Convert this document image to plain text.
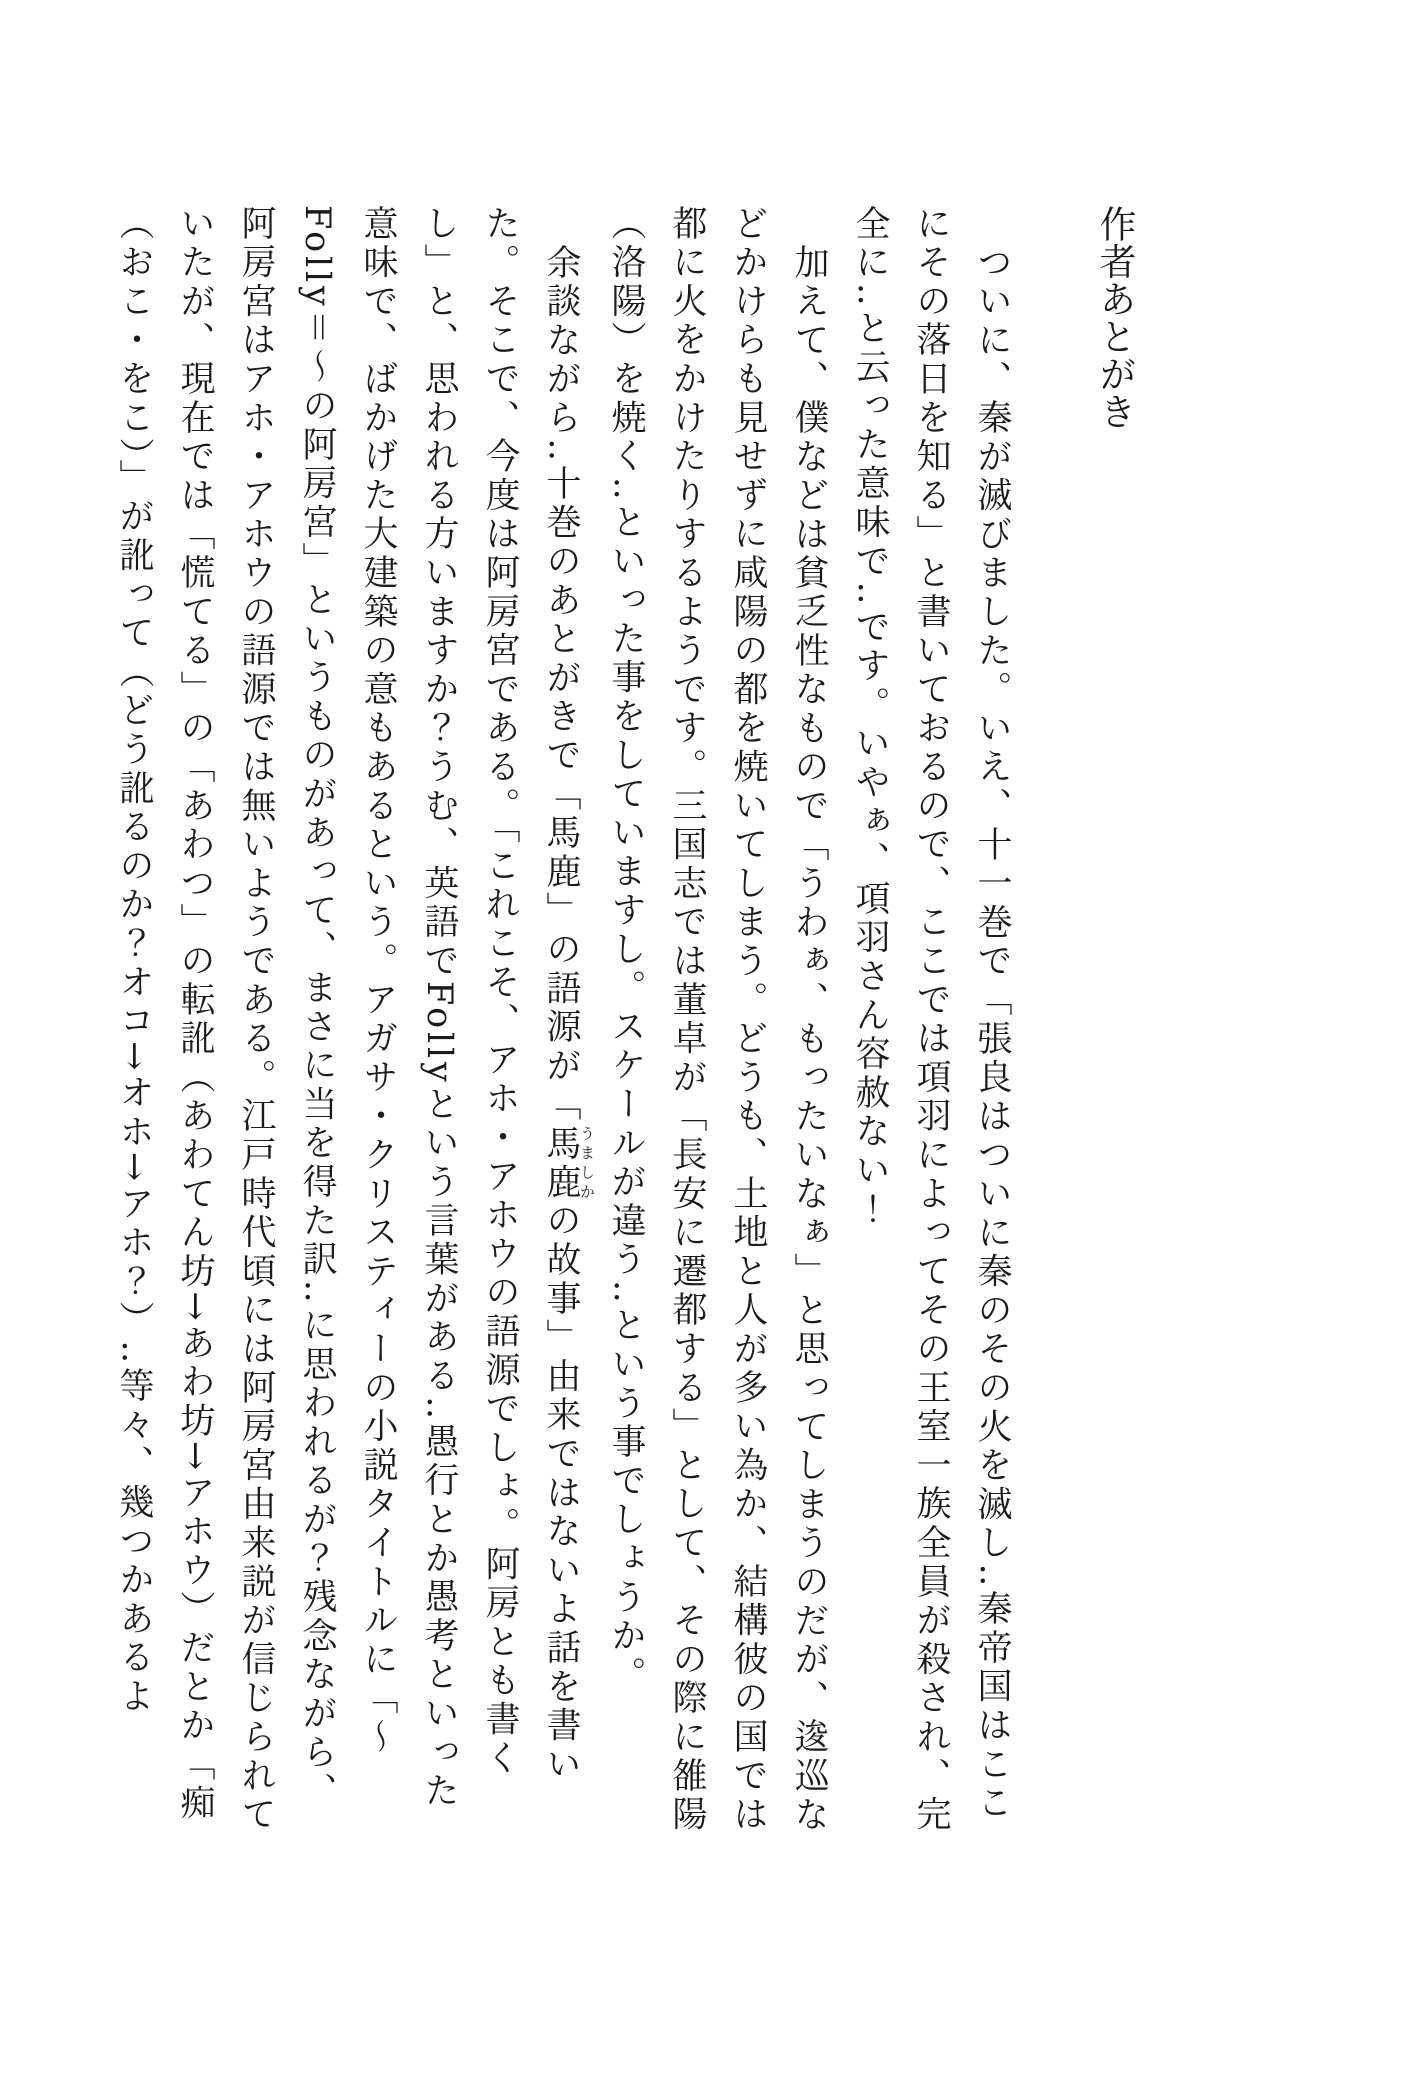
作者あとがき

ついに、秦が滅びました。いえ、十一巻で「張良はついに秦のその火を滅し‥秦帝国はここにその落日を知る」と書いておるので、ここでは項羽によってその王室一族全員が殺され、完全に‥と云った意味で‥です。いやぁ、項羽さん容赦ない！

加えて、僕などは貧乏性なもので「うわぁ、もったいなぁ」と思ってしまうのだが、逡巡などかけらも見せずに咸陽の都を焼いてしまう。どうも、土地と人が多い為か、結構彼の国では都に火をかけたりするようです。三国志では董卓が「長安に遷都する」として、その際に雒陽（洛陽）を焼く‥といった事をしていますし。スケールが違う‥という事でしょうか。

余談ながら‥十巻のあとがきで「馬鹿」の語源が「馬鹿うましかの故事」由来ではないよ話を書いた。そこで、今度は阿房宮である。「これこそ、アホ・アホウの語源でしょ。阿房とも書くし」と、思われる方いますか？うむ、英語でFollyという言葉がある‥愚行とか愚考といった意味で、ばかげた大建築の意もあるという。アガサ・クリスティーの小説タイトルに「〜Folly＝〜の阿房宮」というものがあって、まさに当を得た訳‥に思われるが？残念ながら、阿房宮はアホ・アホウの語源では無いようである。江戸時代頃には阿房宮由来説が信じられていたが、現在では「慌てる」の「あわつ」の転訛（あわてん坊→あわ坊→アホウ）だとか「痴（おこ・をこ）」が訛って（どう訛るのか？オコ→オホ→アホ？）‥等々、幾つかあるよ
